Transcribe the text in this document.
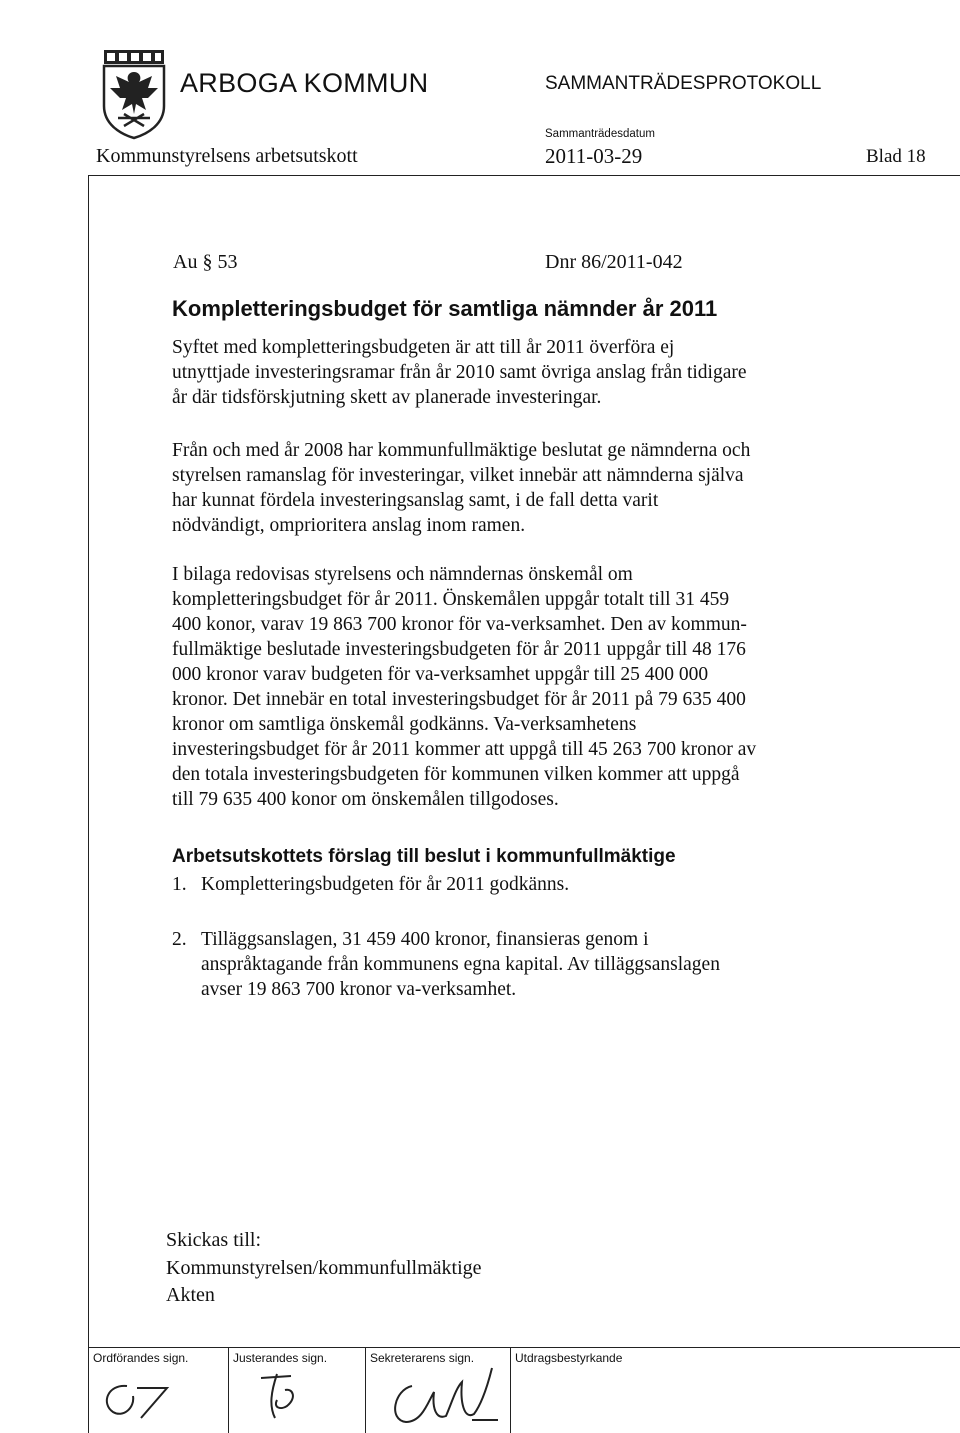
ARBOGA KOMMUN	SAMMANTRÄDESPROTOKOLL
Sammanträdesdatum
Kommunstyrelsens arbetsutskott	2011-03-29	Blad 18
Au § 53	Dnr 86/2011-042
Kompletteringsbudget för samtliga nämnder år 2011
Syftet med kompletteringsbudgeten är att till år 2011 överföra ej
utnyttjade investeringsramar från år 2010 samt övriga anslag från tidigare
år där tidsförskjutning skett av planerade investeringar.
Från och med år 2008 har kommunfullmäktige beslutat ge nämnderna och
styrelsen ramanslag för investeringar, vilket innebär att nämnderna själva
har kunnat fördela investeringsanslag samt, i de fall detta varit
nödvändigt, omprioritera anslag inom ramen.
I bilaga redovisas styrelsens och nämndernas önskemål om
kompletteringsbudget för år 2011. Önskemålen uppgår totalt till 31 459
400 konor, varav 19 863 700 kronor för va-verksamhet. Den av kommun-
fullmäktige beslutade investeringsbudgeten för år 2011 uppgår till 48 176
000 kronor varav budgeten för va-verksamhet uppgår till 25 400 000
kronor. Det innebär en total investeringsbudget för år 2011 på 79 635 400
kronor om samtliga önskemål godkänns. Va-verksamhetens
investeringsbudget för år 2011 kommer att uppgå till 45 263 700 kronor av
den totala investeringsbudgeten för kommunen vilken kommer att uppgå
till 79 635 400 konor om önskemålen tillgodoses.
Arbetsutskottets förslag till beslut i kommunfullmäktige
1. Kompletteringsbudgeten för år 2011 godkänns.
2. Tilläggsanslagen, 31 459 400 kronor, finansieras genom i
anspråktagande från kommunens egna kapital. Av tilläggsanslagen
avser 19 863 700 kronor va-verksamhet.
Skickas till:
Kommunstyrelsen/kommunfullmäktige
Akten
Ordförandes sign.	Justerandes sign.	Sekreterarens sign.	Utdragsbestyrkande
